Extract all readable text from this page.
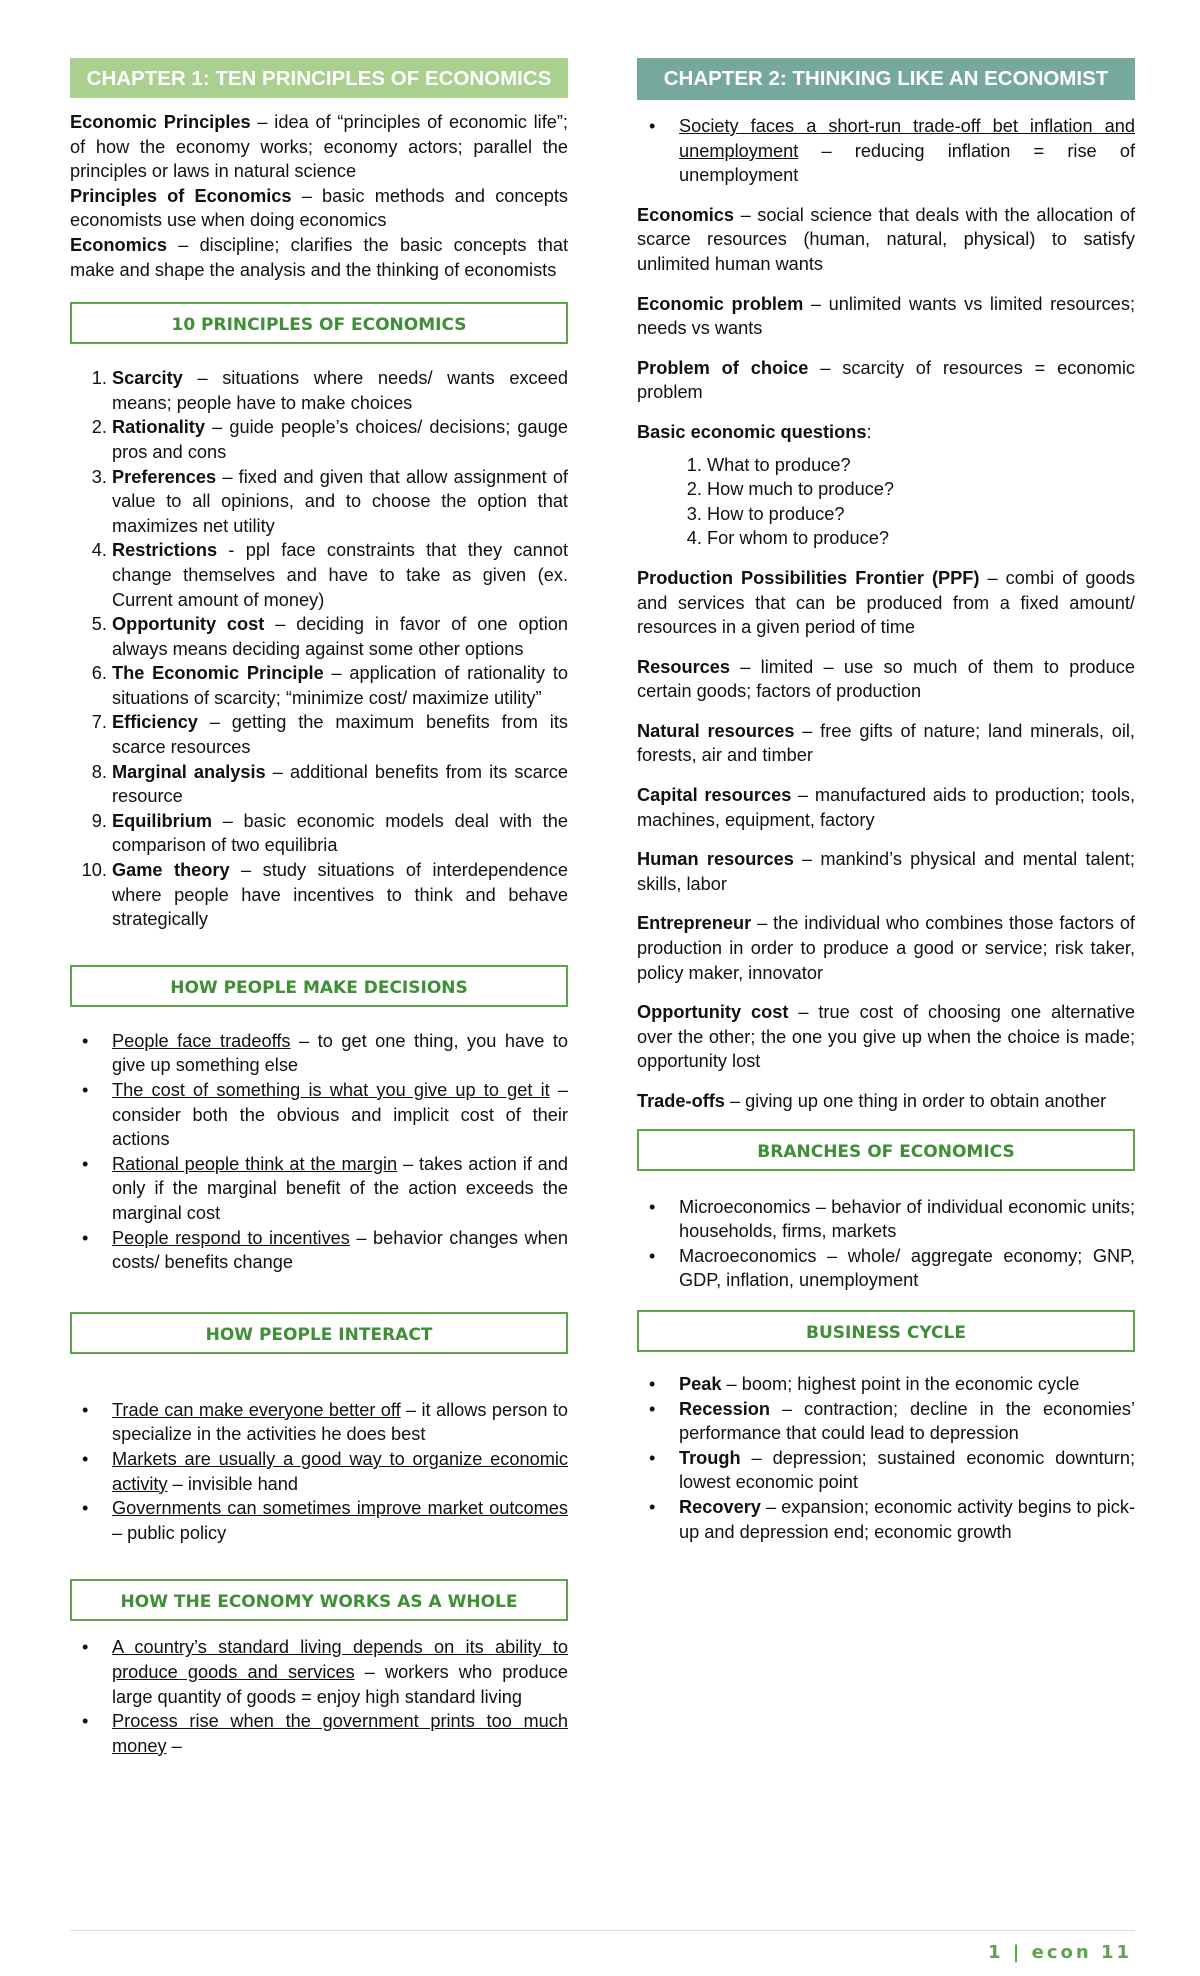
CHAPTER 1: TEN PRINCIPLES OF ECONOMICS

Economic Principles – idea of “principles of economic life”; of how the economy works; economy actors; parallel the principles or laws in natural science

Principles of Economics – basic methods and concepts economists use when doing economics

Economics – discipline; clarifies the basic concepts that make and shape the analysis and the thinking of economists

10 PRINCIPLES OF ECONOMICS
1. Scarcity – situations where needs/ wants exceed means; people have to make choices
2. Rationality – guide people’s choices/ decisions; gauge pros and cons
3. Preferences – fixed and given that allow assignment of value to all opinions, and to choose the option that maximizes net utility
4. Restrictions - ppl face constraints that they cannot change themselves and have to take as given (ex. Current amount of money)
5. Opportunity cost – deciding in favor of one option always means deciding against some other options
6. The Economic Principle – application of rationality to situations of scarcity; “minimize cost/ maximize utility”
7. Efficiency – getting the maximum benefits from its scarce resources
8. Marginal analysis – additional benefits from its scarce resource
9. Equilibrium – basic economic models deal with the comparison of two equilibria
10. Game theory – study situations of interdependence where people have incentives to think and behave strategically
HOW PEOPLE MAKE DECISIONS
• People face tradeoffs – to get one thing, you have to give up something else
• The cost of something is what you give up to get it – consider both the obvious and implicit cost of their actions
• Rational people think at the margin – takes action if and only if the marginal benefit of the action exceeds the marginal cost
• People respond to incentives – behavior changes when costs/ benefits change
HOW PEOPLE INTERACT
• Trade can make everyone better off – it allows person to specialize in the activities he does best
• Markets are usually a good way to organize economic activity – invisible hand
• Governments can sometimes improve market outcomes – public policy
HOW THE ECONOMY WORKS AS A WHOLE
• A country’s standard living depends on its ability to produce goods and services – workers who produce large quantity of goods = enjoy high standard living
• Process rise when the government prints too much money –
CHAPTER 2: THINKING LIKE AN ECONOMIST
• Society faces a short-run trade-off bet inflation and unemployment – reducing inflation = rise of unemployment

Economics – social science that deals with the allocation of scarce resources (human, natural, physical) to satisfy unlimited human wants

Economic problem – unlimited wants vs limited resources; needs vs wants

Problem of choice – scarcity of resources = economic problem

Basic economic questions:

1. What to produce?
2. How much to produce?
3. How to produce?
4. For whom to produce?

Production Possibilities Frontier (PPF) – combi of goods and services that can be produced from a fixed amount/ resources in a given period of time

Resources – limited – use so much of them to produce certain goods; factors of production

Natural resources – free gifts of nature; land minerals, oil, forests, air and timber

Capital resources – manufactured aids to production; tools, machines, equipment, factory

Human resources – mankind’s physical and mental talent; skills, labor

Entrepreneur – the individual who combines those factors of production in order to produce a good or service; risk taker, policy maker, innovator

Opportunity cost – true cost of choosing one alternative over the other; the one you give up when the choice is made; opportunity lost

Trade-offs – giving up one thing in order to obtain another

BRANCHES OF ECONOMICS
• Microeconomics – behavior of individual economic units; households, firms, markets
• Macroeconomics – whole/ aggregate economy; GNP, GDP, inflation, unemployment
BUSINESS CYCLE
• Peak – boom; highest point in the economic cycle
• Recession – contraction; decline in the economies’ performance that could lead to depression
• Trough – depression; sustained economic downturn; lowest economic point
• Recovery – expansion; economic activity begins to pick-up and depression end; economic growth
1 | econ 11
